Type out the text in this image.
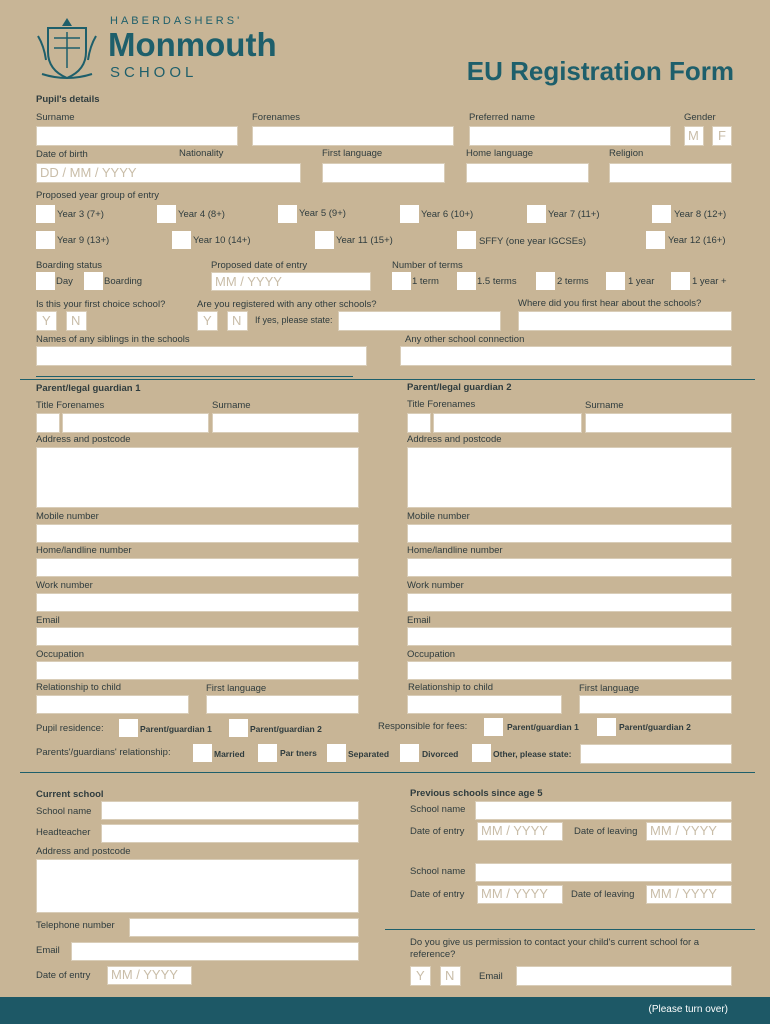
HABERDASHERS'
Monmouth
SCHOOL	EU Registration Form
Pupil's details
Surname	Forenames	Preferred name	Gender
M F
Date of birth	Nationality	First language	Home language	Religion
DD / MM / YYYY
Proposed year group of entry
Year 3 (7+)	Year 4 (8+)	Year 5 (9+)	Year 6 (10+)	Year 7 (11+)	Year 8 (12+)
Year 9 (13+)	Year 10 (14+)	Year 11 (15+)	SFFY (one year IGCSEs)	Year 12 (16+)
Boarding status	Proposed date of entry	Number of terms
Day	Boarding	MM / YYYY	1 term	1.5 terms	2 terms	1 year	1 year +
Is this your first choice school?	Are you registered with any other schools?	Where did you first hear about the schools?
Y N	Y N If yes, please state:
Names of any siblings in the schools	Any other school connection
Parent/legal guardian 1	Parent/legal guardian 2
Title Forenames	Surname	Title Forenames	Surname
Address and postcode	Address and postcode
Mobile number	Mobile number
Home/landline number	Home/landline number
Work number	Work number
Email	Email
Occupation	Occupation
Relationship to child	First language	Relationship to child	First language
Pupil residence:	Parent/guardian 1	Parent/guardian 2	Responsible for fees:	Parent/guardian 1	Parent/guardian 2
Parents'/guardians' relationship:	Married	Par tners	Separated	Divorced	Other, please state:
Current school
School name
Headteacher
Address and postcode
Telephone number
Email
Date of entry MM / YYYY
Previous schools since age 5
School name
Date of entry MM / YYYY	Date of leaving MM / YYYY
School name
Date of entry MM / YYYY Date of leaving MM / YYYY
Do you give us permission to contact your child's current school for a reference?
Y N	Email
(Please turn over)
